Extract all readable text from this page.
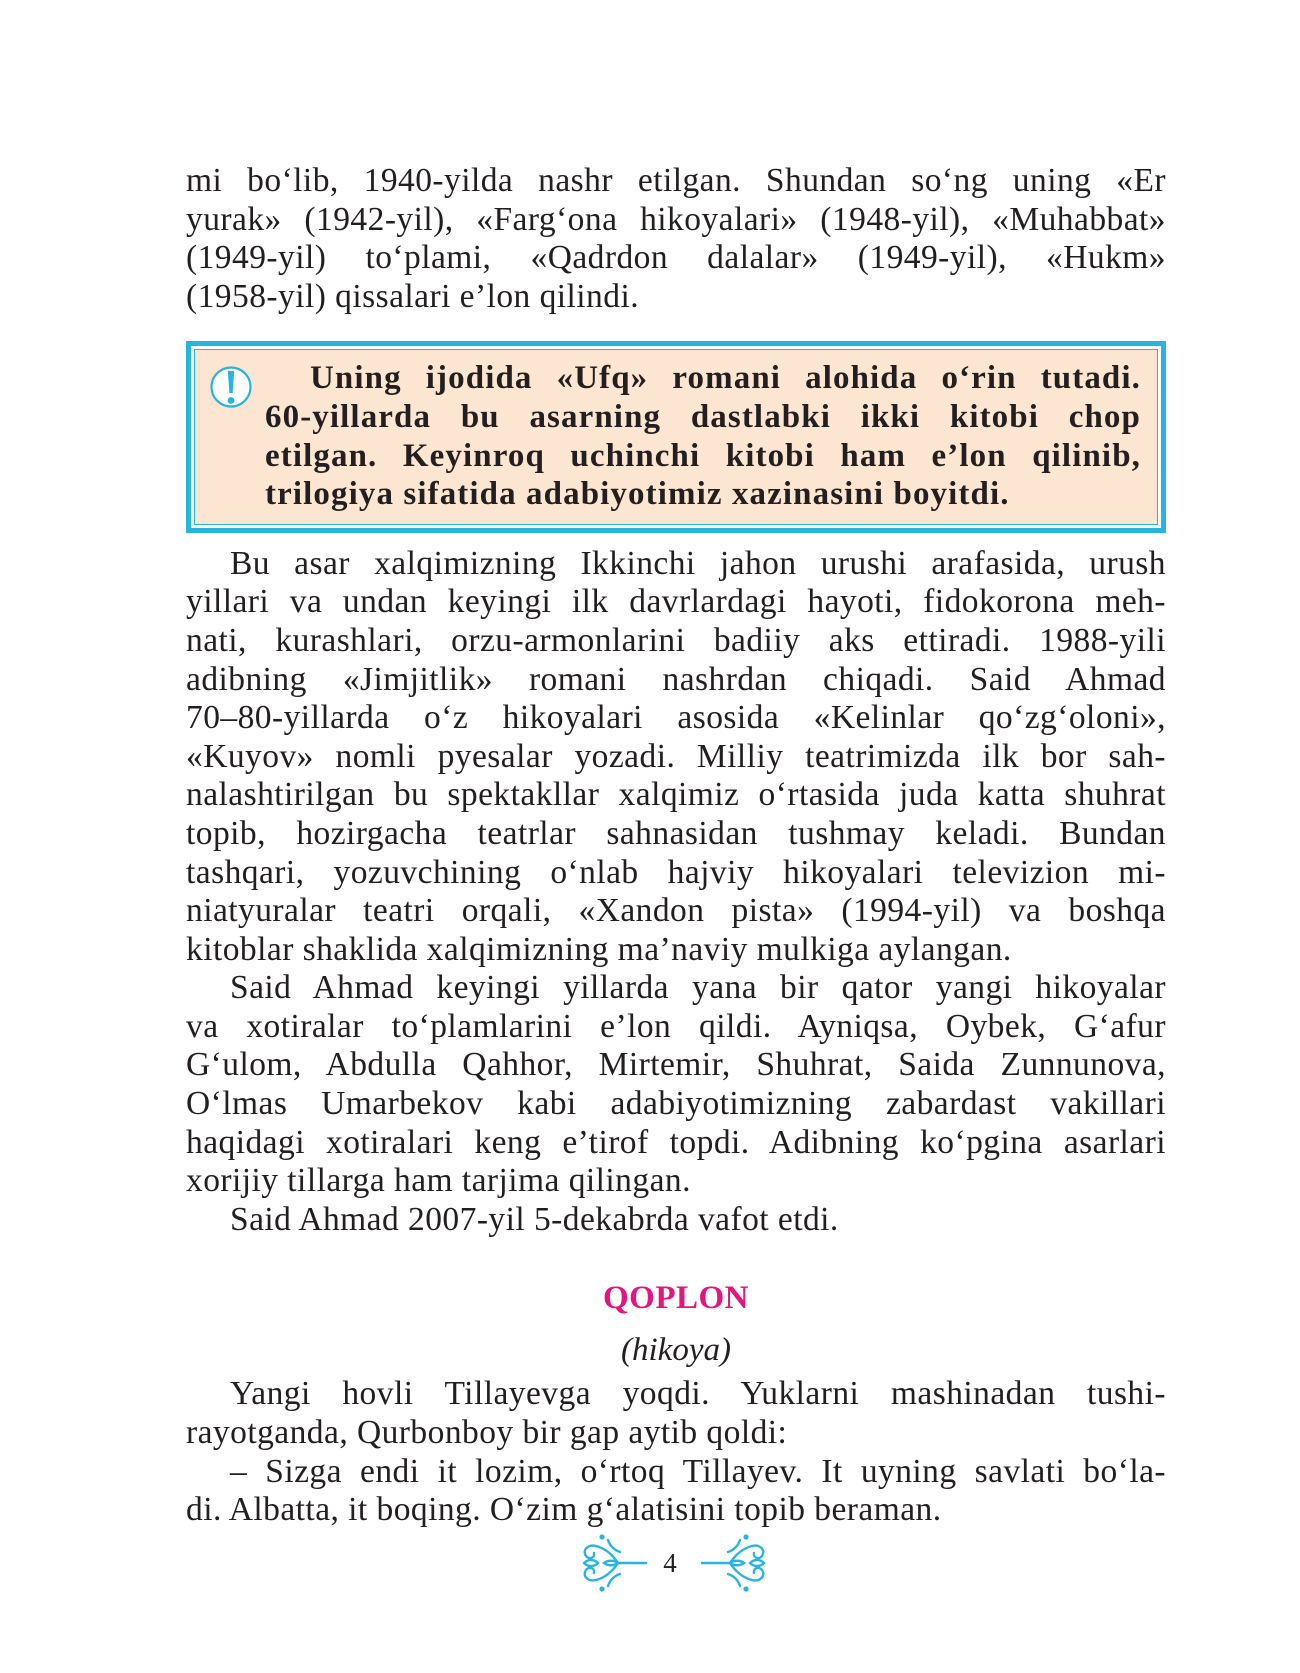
mi bo‘lib, 1940-yilda nashr etilgan. Shundan so‘ng uning «Er
yurak» (1942-yil), «Farg‘ona hikoyalari» (1948-yil), «Muhabbat»
(1949-yil) to‘plami, «Qadrdon dalalar» (1949-yil), «Hukm»
(1958-yil) qissalari e’lon qilindi.

Uning ijodida «Ufq» romani alohida o‘rin tutadi.
60-yillarda bu asarning dastlabki ikki kitobi chop
etilgan. Keyinroq uchinchi kitobi ham e’lon qilinib,
trilogiya sifatida adabiyotimiz xazinasini boyitdi.

Bu asar xalqimizning Ikkinchi jahon urushi arafasida, urush
yillari va undan keyingi ilk davrlardagi hayoti, fidokorona meh-
nati, kurashlari, orzu-armonlarini badiiy aks ettiradi. 1988-yili
adibning «Jimjitlik» romani nashrdan chiqadi. Said Ahmad
70–80-yillarda o‘z hikoyalari asosida «Kelinlar qo‘zg‘oloni»,
«Kuyov» nomli pyesalar yozadi. Milliy teatrimizda ilk bor sah-
nalashtirilgan bu spektakllar xalqimiz o‘rtasida juda katta shuhrat
topib, hozirgacha teatrlar sahnasidan tushmay keladi. Bundan
tashqari, yozuvchining o‘nlab hajviy hikoyalari televizion mi-
niatyuralar teatri orqali, «Xandon pista» (1994-yil) va boshqa
kitoblar shaklida xalqimizning ma’naviy mulkiga aylangan.

Said Ahmad keyingi yillarda yana bir qator yangi hikoyalar
va xotiralar to‘plamlarini e’lon qildi. Ayniqsa, Oybek, G‘afur
G‘ulom, Abdulla Qahhor, Mirtemir, Shuhrat, Saida Zunnunova,
O‘lmas Umarbekov kabi adabiyotimizning zabardast vakillari
haqidagi xotiralari keng e’tirof topdi. Adibning ko‘pgina asarlari
xorijiy tillarga ham tarjima qilingan.

Said Ahmad 2007-yil 5-dekabrda vafot etdi.

QOPLON
(hikoya)

Yangi hovli Tillayevga yoqdi. Yuklarni mashinadan tushi-
rayotganda, Qurbonboy bir gap aytib qoldi:

– Sizga endi it lozim, o‘rtoq Tillayev. It uyning savlati bo‘la-
di. Albatta, it boqing. O‘zim g‘alatisini topib beraman.

4
